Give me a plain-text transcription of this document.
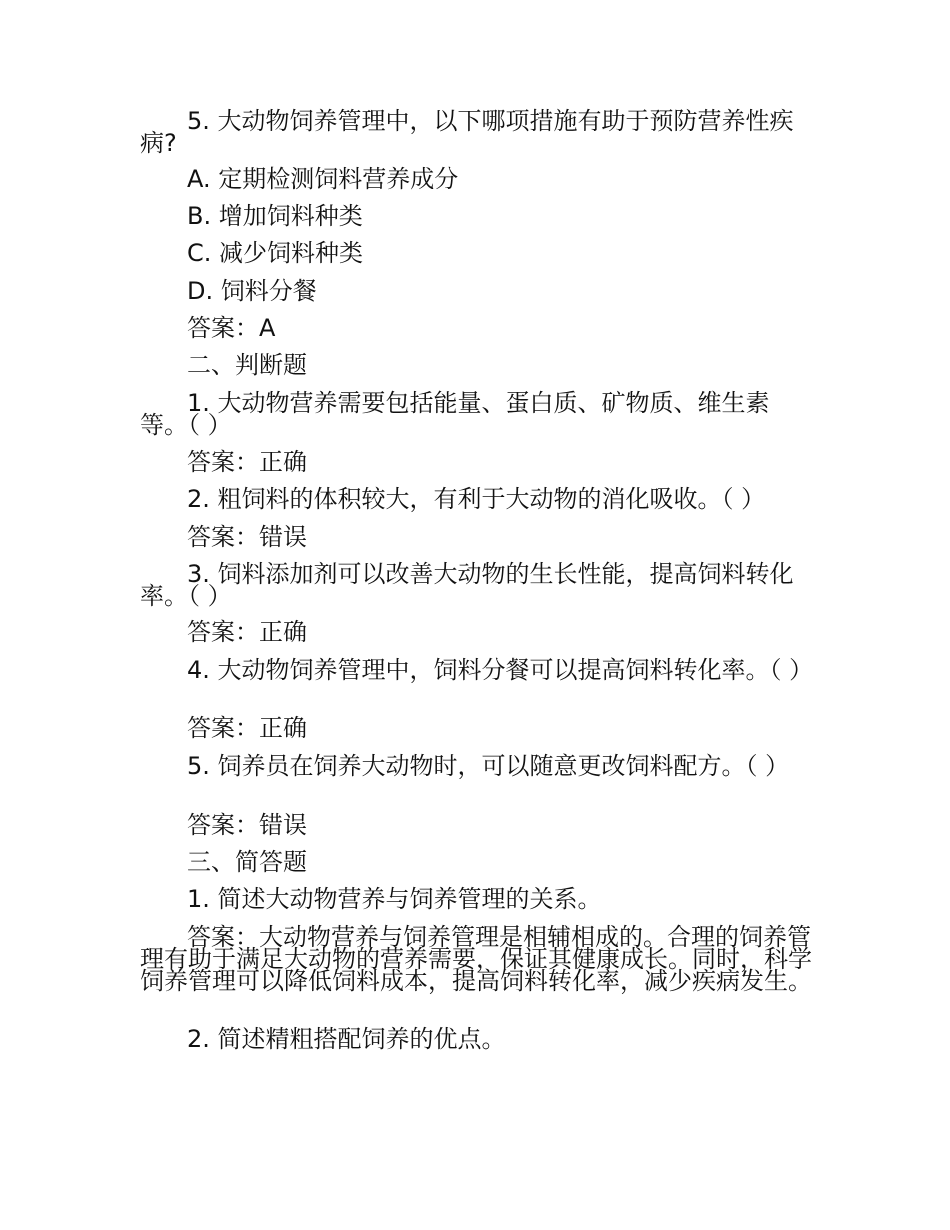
5. 大动物饲养管理中，以下哪项措施有助于预防营养性疾病?

A. 定期检测饲料营养成分

B. 增加饲料种类

C. 减少饲料种类

D. 饲料分餐

答案：A

二、判断题

1. 大动物营养需要包括能量、蛋白质、矿物质、维生素等。（ ）

答案：正确

2. 粗饲料的体积较大，有利于大动物的消化吸收。（ ）

答案：错误

3. 饲料添加剂可以改善大动物的生长性能，提高饲料转化率。（ ）

答案：正确

4. 大动物饲养管理中，饲料分餐可以提高饲料转化率。（ ）

答案：正确

5. 饲养员在饲养大动物时，可以随意更改饲料配方。（ ）

答案：错误

三、简答题

1. 简述大动物营养与饲养管理的关系。

答案：大动物营养与饲养管理是相辅相成的。合理的饲养管理有助于满足大动物的营养需要，保证其健康成长。同时，科学饲养管理可以降低饲料成本，提高饲料转化率，减少疾病发生。

2. 简述精粗搭配饲养的优点。
